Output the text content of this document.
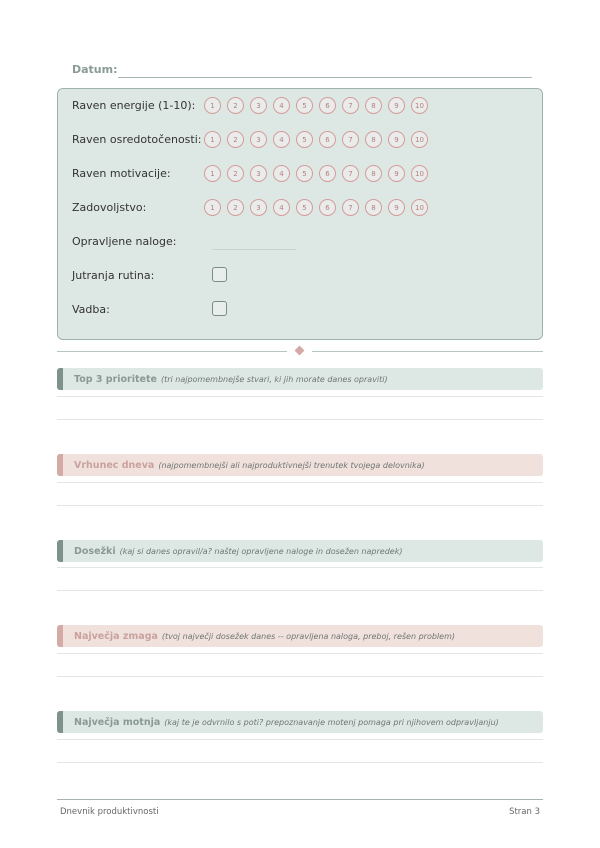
Datum:
Raven energije (1-10):	1	2	3	4	5	6	7	8	9	10
Raven osredotočenosti:	1	2	3	4	5	6	7	8	9	10
Raven motivacije:	1	2	3	4	5	6	7	8	9	10
Zadovoljstvo:	1	2	3	4	5	6	7	8	9	10
Opravljene naloge:
Jutranja rutina:
Vadba:
Top 3 prioritete (tri najpomembnejše stvari, ki jih morate danes opraviti)
Vrhunec dneva (najpomembnejši ali najproduktivnejši trenutek tvojega delovnika)
Dosežki (kaj si danes opravil/a? naštej opravljene naloge in dosežen napredek)
Največja zmaga (tvoj največji dosežek danes -- opravljena naloga, preboj, rešen problem)
Največja motnja (kaj te je odvrnilo s poti? prepoznavanje motenj pomaga pri njihovem odpravljanju)
Dnevnik produktivnosti	Stran 3
